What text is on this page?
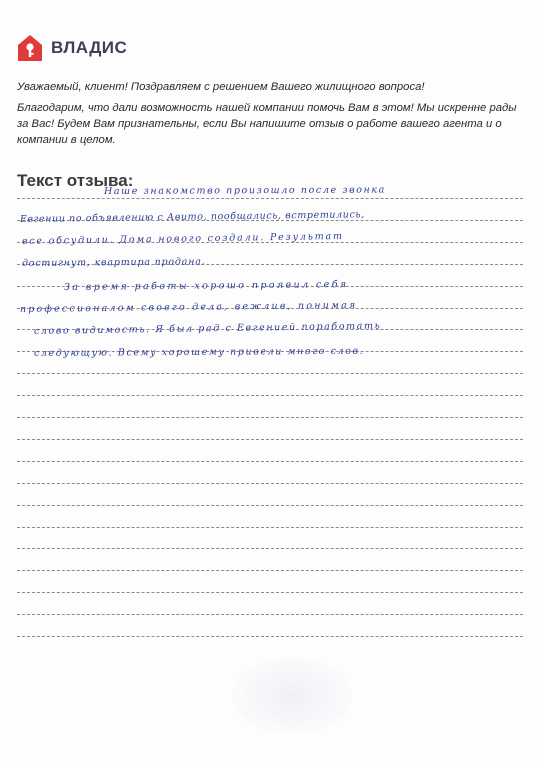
ВЛАДИС

Уважаемый, клиент! Поздравляем с решением Вашего жилищного вопроса!

Благодарим, что дали возможность нашей компании помочь Вам в этом! Мы искренне рады за Вас! Будем Вам признательны, если Вы напишите отзыв о работе вашего агента и о компании в целом.

Текст отзыва:
Наше знакомство произошло после звонка
Евгении по объявлению с Авито, пообщались, встретились,
все обсудили. Дома нового создали. Результат
достигнут, квартира продана.
За время работы хорошо проявил себя
профессионалом своего дела, вежлив, понимая
слово видимость. Я был рад с Евгенией поработать
следующую. Всему хорошему привели много слов.
